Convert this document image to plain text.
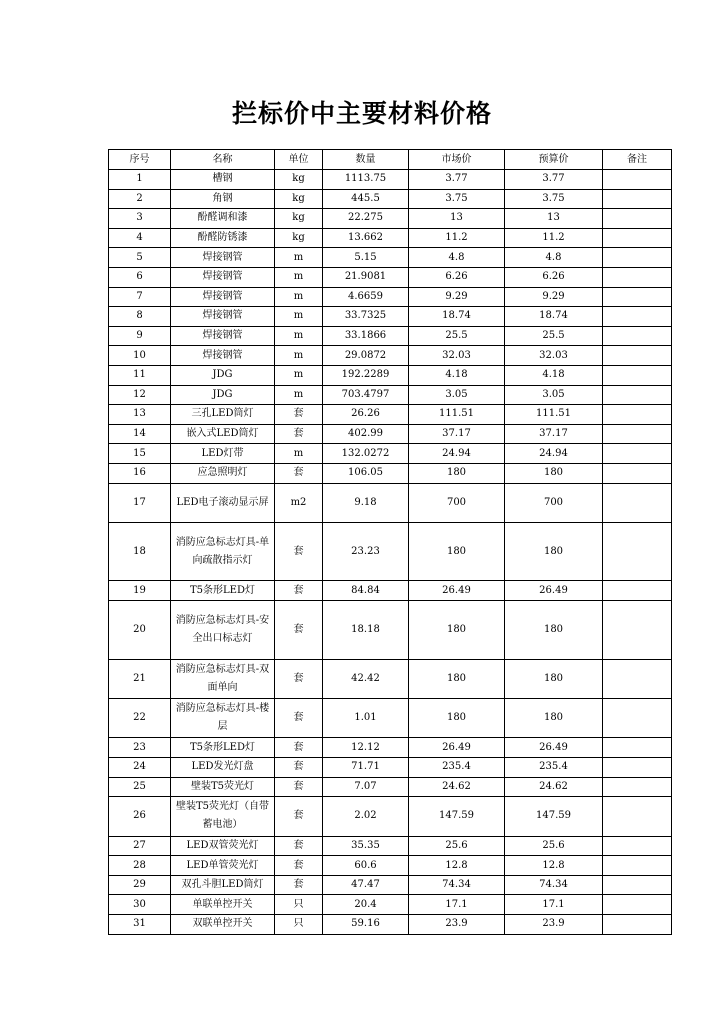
拦标价中主要材料价格
序号	名称	单位	数量	市场价	预算价	备注
1	槽钢	kg	1113.75	3.77	3.77	
2	角钢	kg	445.5	3.75	3.75	
3	酚醛调和漆	kg	22.275	13	13	
4	酚醛防锈漆	kg	13.662	11.2	11.2	
5	焊接钢管	m	5.15	4.8	4.8	
6	焊接钢管	m	21.9081	6.26	6.26	
7	焊接钢管	m	4.6659	9.29	9.29	
8	焊接钢管	m	33.7325	18.74	18.74	
9	焊接钢管	m	33.1866	25.5	25.5	
10	焊接钢管	m	29.0872	32.03	32.03	
11	JDG	m	192.2289	4.18	4.18	
12	JDG	m	703.4797	3.05	3.05	
13	三孔LED筒灯	套	26.26	111.51	111.51	
14	嵌入式LED筒灯	套	402.99	37.17	37.17	
15	LED灯带	m	132.0272	24.94	24.94	
16	应急照明灯	套	106.05	180	180	
17	LED电子滚动显示屏	m2	9.18	700	700	
18	消防应急标志灯具-单向疏散指示灯	套	23.23	180	180	
19	T5条形LED灯	套	84.84	26.49	26.49	
20	消防应急标志灯具-安全出口标志灯	套	18.18	180	180	
21	消防应急标志灯具-双面单向	套	42.42	180	180	
22	消防应急标志灯具-楼层	套	1.01	180	180	
23	T5条形LED灯	套	12.12	26.49	26.49	
24	LED发光灯盘	套	71.71	235.4	235.4	
25	壁装T5荧光灯	套	7.07	24.62	24.62	
26	壁装T5荧光灯（自带蓄电池）	套	2.02	147.59	147.59	
27	LED双管荧光灯	套	35.35	25.6	25.6	
28	LED单管荧光灯	套	60.6	12.8	12.8	
29	双孔斗胆LED筒灯	套	47.47	74.34	74.34	
30	单联单控开关	只	20.4	17.1	17.1	
31	双联单控开关	只	59.16	23.9	23.9	
